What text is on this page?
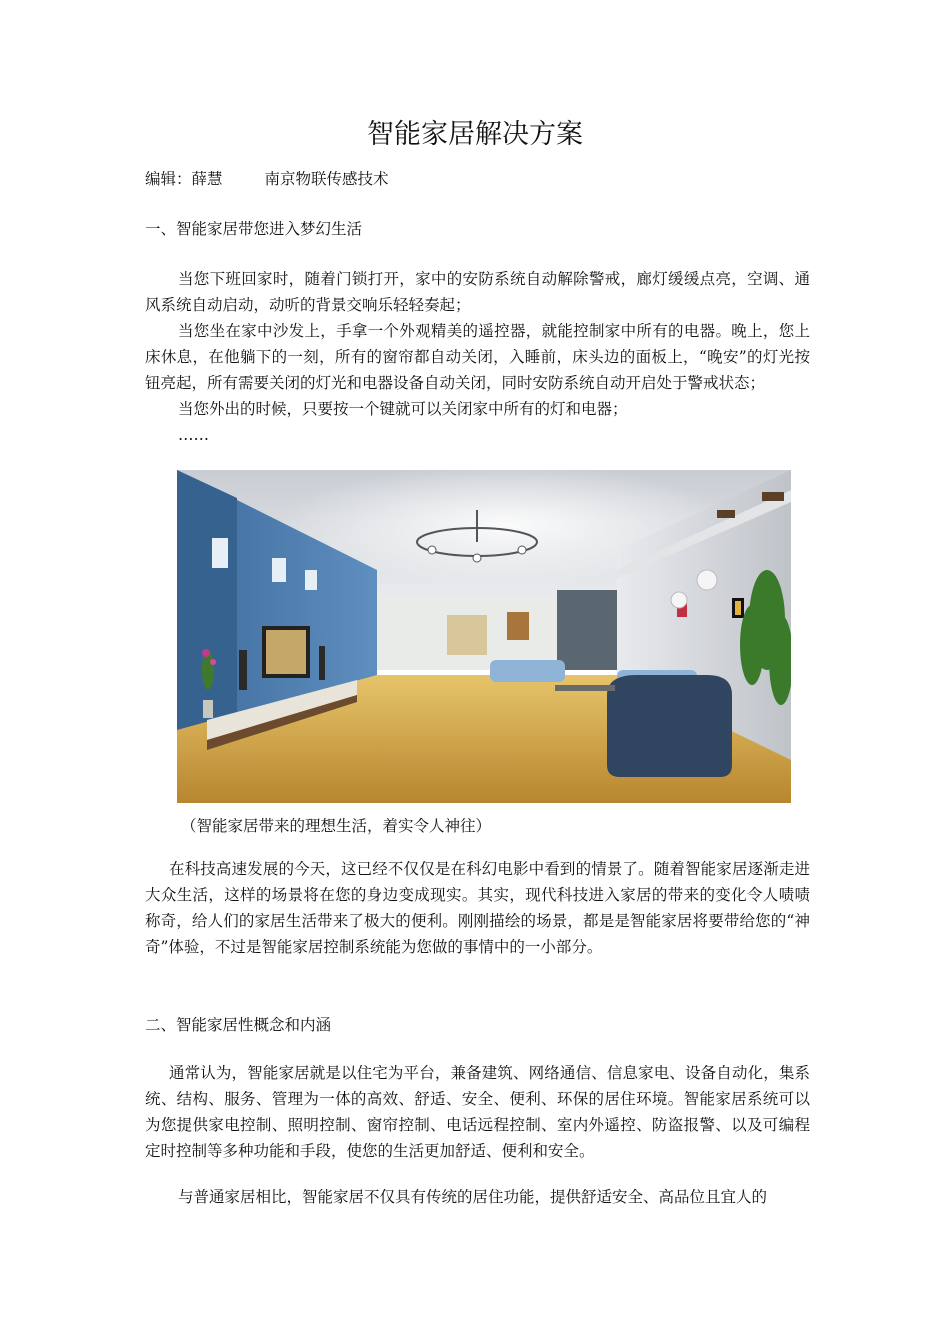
智能家居解决方案
编辑：薛慧	南京物联传感技术
一、智能家居带您进入梦幻生活

当您下班回家时，随着门锁打开，家中的安防系统自动解除警戒，廊灯缓缓点亮，空调、通风系统自动启动，动听的背景交响乐轻轻奏起；

当您坐在家中沙发上，手拿一个外观精美的遥控器，就能控制家中所有的电器。晚上，您上床休息，在他躺下的一刻，所有的窗帘都自动关闭，入睡前，床头边的面板上，“晚安”的灯光按钮亮起，所有需要关闭的灯光和电器设备自动关闭，同时安防系统自动开启处于警戒状态；

当您外出的时候，只要按一个键就可以关闭家中所有的灯和电器；

……

（智能家居带来的理想生活，着实令人神往）
在科技高速发展的今天，这已经不仅仅是在科幻电影中看到的情景了。随着智能家居逐渐走进大众生活，这样的场景将在您的身边变成现实。其实，现代科技进入家居的带来的变化令人啧啧称奇，给人们的家居生活带来了极大的便利。刚刚描绘的场景，都是是智能家居将要带给您的“神奇”体验，不过是智能家居控制系统能为您做的事情中的一小部分。
二、智能家居性概念和内涵
通常认为，智能家居就是以住宅为平台，兼备建筑、网络通信、信息家电、设备自动化，集系统、结构、服务、管理为一体的高效、舒适、安全、便利、环保的居住环境。智能家居系统可以为您提供家电控制、照明控制、窗帘控制、电话远程控制、室内外遥控、防盗报警、以及可编程定时控制等多种功能和手段，使您的生活更加舒适、便利和安全。
与普通家居相比，智能家居不仅具有传统的居住功能，提供舒适安全、高品位且宜人的
